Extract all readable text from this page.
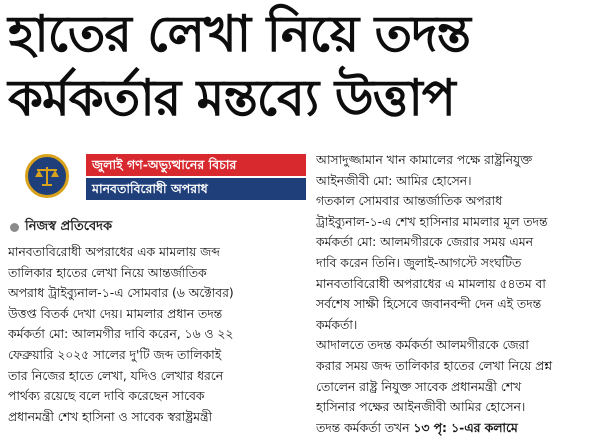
হাতের লেখা নিয়ে তদন্ত
কর্মকর্তার মন্তব্যে উত্তাপ
জুলাই গণ-অভ্যুত্থানের বিচার
মানবতাবিরোধী অপরাধ
নিজস্ব প্রতিবেদক

মানবতাবিরোধী অপরাধের এক মামলায় জব্দ

তালিকার হাতের লেখা নিয়ে আন্তর্জাতিক

অপরাধ ট্রাইব্যুনাল-১-এ সোমবার (৬ অক্টোবর)

উত্তপ্ত বিতর্ক দেখা দেয়। মামলার প্রধান তদন্ত

কর্মকর্তা মো: আলমগীর দাবি করেন, ১৬ ও ২২

ফেব্রুয়ারি ২০২৫ সালের দু'টি জব্দ তালিকাই

তার নিজের হাতে লেখা, যদিও লেখার ধরনে

পার্থক্য রয়েছে বলে দাবি করেছেন সাবেক

প্রধানমন্ত্রী শেখ হাসিনা ও সাবেক স্বরাষ্ট্রমন্ত্রী

আসাদুজ্জামান খান কামালের পক্ষে রাষ্ট্রনিযুক্ত

আইনজীবী মো: আমির হোসেন।

গতকাল সোমবার আন্তর্জাতিক অপরাধ

ট্রাইব্যুনাল-১-এ শেখ হাসিনার মামলার মূল তদন্ত

কর্মকর্তা মো: আলমগীরকে জেরার সময় এমন

দাবি করেন তিনি। জুলাই-আগস্টে সংঘটিত

মানবতাবিরোধী অপরাধের এ মামলায় ৫৪তম বা

সর্বশেষ সাক্ষী হিসেবে জবানবন্দী দেন এই তদন্ত

কর্মকর্তা।

আদালতে তদন্ত কর্মকর্তা আলমগীরকে জেরা

করার সময় জব্দ তালিকার হাতের লেখা নিয়ে প্রশ্ন

তোলেন রাষ্ট্র নিযুক্ত সাবেক প্রধানমন্ত্রী শেখ

হাসিনার পক্ষের আইনজীবী আমির হোসেন।

তদন্ত কর্মকর্তা তখন ১৩ পৃ: ১-এর কলামে
